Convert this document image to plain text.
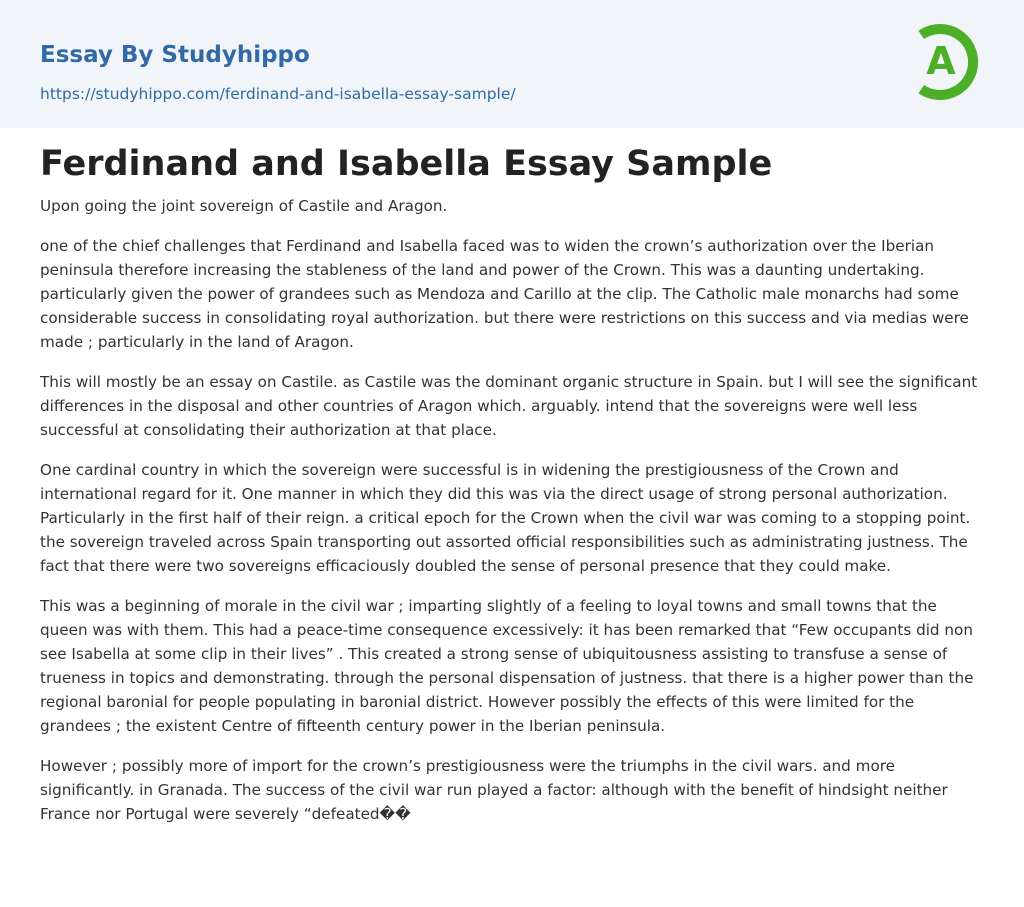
Essay By Studyhippo
https://studyhippo.com/ferdinand-and-isabella-essay-sample/
A
Ferdinand and Isabella Essay Sample

Upon going the joint sovereign of Castile and Aragon.

one of the chief challenges that Ferdinand and Isabella faced was to widen the crown’s authorization over the Iberian peninsula therefore increasing the stableness of the land and power of the Crown. This was a daunting undertaking. particularly given the power of grandees such as Mendoza and Carillo at the clip. The Catholic male monarchs had some considerable success in consolidating royal authorization. but there were restrictions on this success and via medias were made ; particularly in the land of Aragon.

This will mostly be an essay on Castile. as Castile was the dominant organic structure in Spain. but I will see the significant differences in the disposal and other countries of Aragon which. arguably. intend that the sovereigns were well less successful at consolidating their authorization at that place.

One cardinal country in which the sovereign were successful is in widening the prestigiousness of the Crown and international regard for it. One manner in which they did this was via the direct usage of strong personal authorization. Particularly in the first half of their reign. a critical epoch for the Crown when the civil war was coming to a stopping point. the sovereign traveled across Spain transporting out assorted official responsibilities such as administrating justness. The fact that there were two sovereigns efficaciously doubled the sense of personal presence that they could make.

This was a beginning of morale in the civil war ; imparting slightly of a feeling to loyal towns and small towns that the queen was with them. This had a peace-time consequence excessively: it has been remarked that “Few occupants did non see Isabella at some clip in their lives” . This created a strong sense of ubiquitousness assisting to transfuse a sense of trueness in topics and demonstrating. through the personal dispensation of justness. that there is a higher power than the regional baronial for people populating in baronial district. However possibly the effects of this were limited for the grandees ; the existent Centre of fifteenth century power in the Iberian peninsula.

However ; possibly more of import for the crown’s prestigiousness were the triumphs in the civil wars. and more significantly. in Granada. The success of the civil war run played a factor: although with the benefit of hindsight neither France nor Portugal were severely “defeated��
